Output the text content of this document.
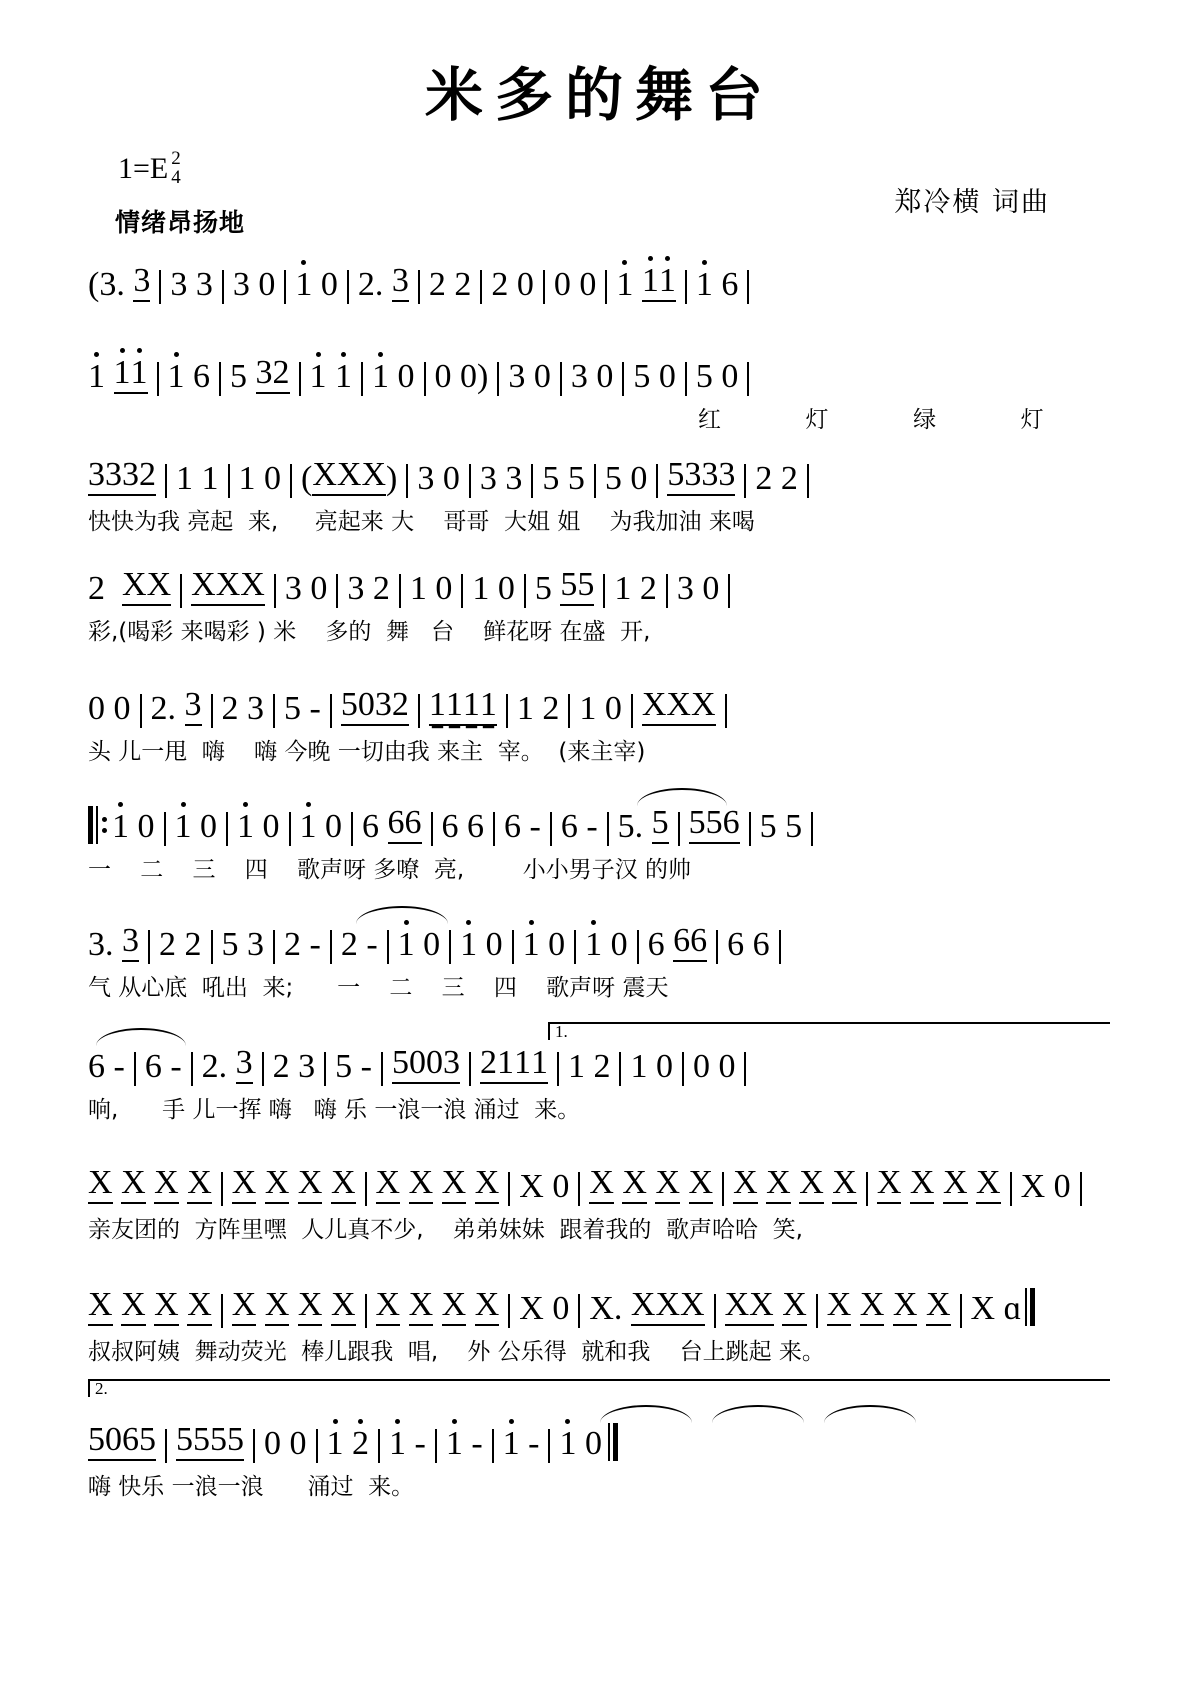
米多的舞台
1=E 2
4
情绪昂扬地
郑冷横 词曲
( 3.
3 3
3 3
0 1
0 2.
3 2
2 2
0 0
0 1
1 1 1
6
1
1 1 1
6 5
3 2 1
1 1
0 0
0 ) 3
0 3
0 5
0 5
0
红     灯     绿     灯
3 3 3 2 1
1 1
0 ( X X X ) 3
0 3
3 5
5 5
0 5 3 3 3 2
2
快快为我 亮起  来,     亮起来 大    哥哥  大姐 姐    为我加油 来喝
2
X X X X X 3
0 3
2 1
0 1
0 5
5 5 1
2 3
0
彩,(喝彩 来喝彩 ) 米    多的  舞   台    鲜花呀 在盛  开,
0
0 2.
3 2
3 5
- 5 0 3 2 1 1 1 1 1
2 1
0 X X X
头 儿一甩  嗨    嗨 今晚 一切由我 来主  宰。  (来主宰)
1
0 1
0 1
0 1
0 6
6 6 6
6 6
- 6
- 5.
5 5 5 6 5
5
一    二    三    四    歌声呀 多嘹  亮,        小小男子汉 的帅
3.
3 2
2 5
3 2
- 2
- 1
0 1
0 1
0 1
0 6
6 6 6
6
气 从心底  吼出  来;      一    二    三    四    歌声呀 震天
1.
6
- 6
- 2.
3 2
3 5
- 5 0 0 3 2 1 1 1 1
2 1
0 0
0
响,      手 儿一挥 嗨   嗨 乐 一浪一浪 涌过  来。
X
X
X
X X
X
X
X X
X
X
X X
0 X
X
X
X X
X
X
X X
X
X
X X
0
亲友团的  方阵里嘿  人儿真不少,    弟弟妹妹  跟着我的  歌声哈哈  笑,
X
X
X
X X
X
X
X X
X
X
X X
0 X.
X X X X X
X X
X
X
X X
ɑ
叔叔阿姨  舞动荧光  棒儿跟我  唱,    外 公乐得  就和我    台上跳起 来。
2.
5 0 6 5 5 5 5 5 0
0 1
2 1
- 1
- 1
- 1
0
嗨 快乐 一浪一浪      涌过  来。
